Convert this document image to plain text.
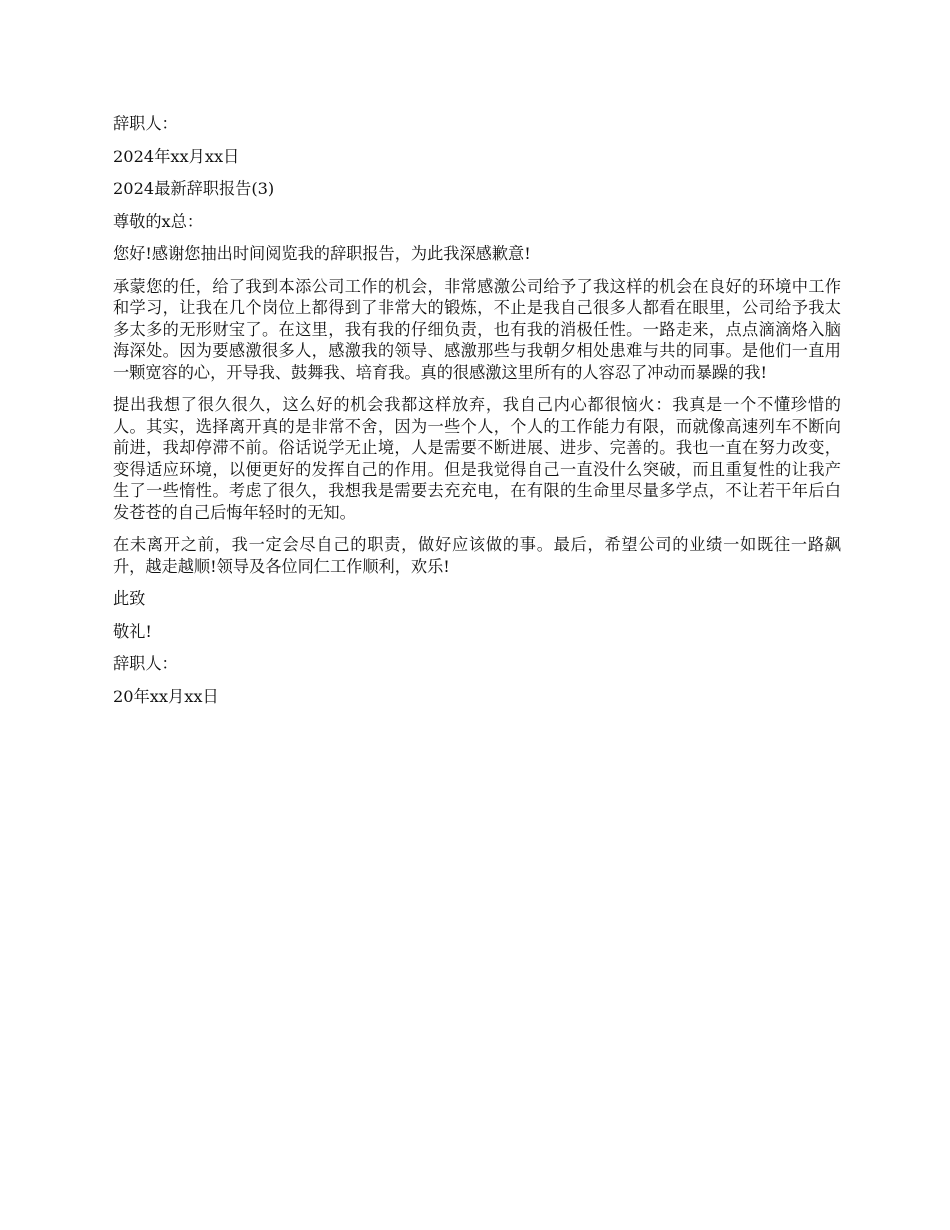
辞职人：

2024年xx月xx日

2024最新辞职报告(3)

尊敬的x总：

您好!感谢您抽出时间阅览我的辞职报告，为此我深感歉意!

承蒙您的任，给了我到本添公司工作的机会，非常感激公司给予了我这样的机会在良好的环境中工作和学习，让我在几个岗位上都得到了非常大的锻炼，不止是我自己很多人都看在眼里，公司给予我太多太多的无形财宝了。在这里，我有我的仔细负责，也有我的消极任性。一路走来，点点滴滴烙入脑海深处。因为要感激很多人，感激我的领导、感激那些与我朝夕相处患难与共的同事。是他们一直用一颗宽容的心，开导我、鼓舞我、培育我。真的很感激这里所有的人容忍了冲动而暴躁的我!

提出我想了很久很久，这么好的机会我都这样放弃，我自己内心都很恼火：我真是一个不懂珍惜的人。其实，选择离开真的是非常不舍，因为一些个人，个人的工作能力有限，而就像高速列车不断向前进，我却停滞不前。俗话说学无止境，人是需要不断进展、进步、完善的。我也一直在努力改变，变得适应环境，以便更好的发挥自己的作用。但是我觉得自己一直没什么突破，而且重复性的让我产生了一些惰性。考虑了很久，我想我是需要去充充电，在有限的生命里尽量多学点，不让若干年后白发苍苍的自己后悔年轻时的无知。

在未离开之前，我一定会尽自己的职责，做好应该做的事。最后，希望公司的业绩一如既往一路飙升，越走越顺!领导及各位同仁工作顺利，欢乐!

此致

敬礼!

辞职人：

20年xx月xx日
